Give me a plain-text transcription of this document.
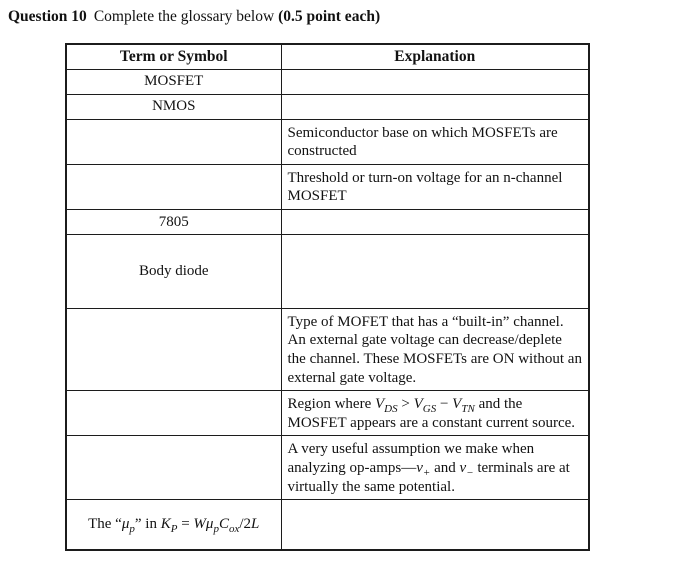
Question 10 Complete the glossary below (0.5 point each)
Term or Symbol	Explanation
MOSFET	
NMOS	
	Semiconductor base on which MOSFETs are constructed
	Threshold or turn-on voltage for an n-channel MOSFET
7805	
Body diode	
	Type of MOFET that has a “built-in” channel. An external gate voltage can decrease/deplete the channel. These MOSFETs are ON without an external gate voltage.
	Region where $V_{DS} > V_{GS} - V_{TN}$ and the MOSFET appears are a constant current source.
	A very useful assumption we make when analyzing $op-amps—v_+$ and $v_-$ terminals are at virtually the same potential.
The “$\mu_p$” in $K_P = W\mu_pC_{ox}/2L$	
